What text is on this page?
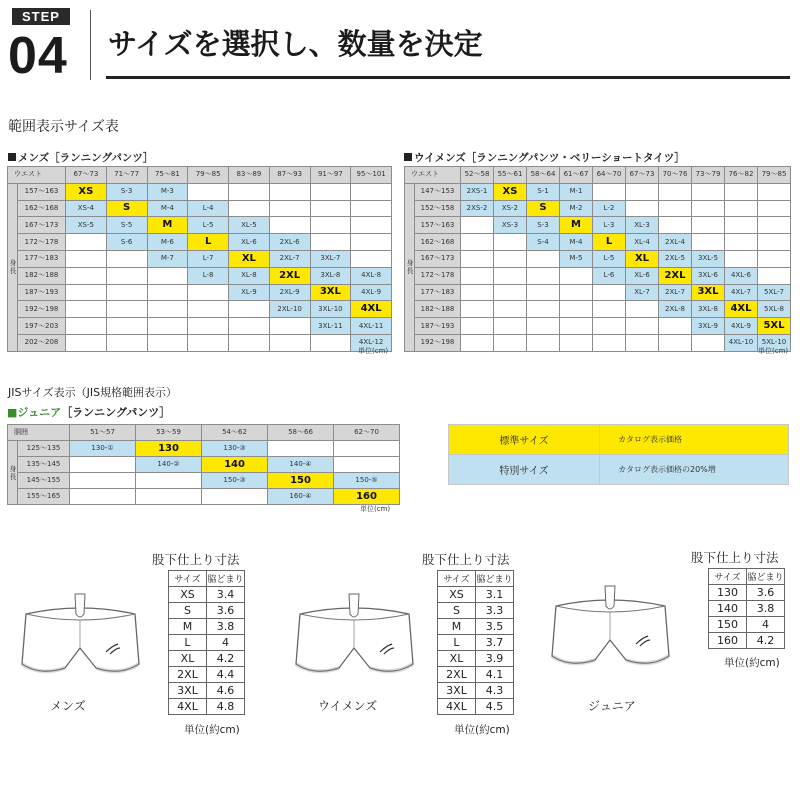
STEP
04 サイズを選択し、数量を決定
範囲表示サイズ表
メンズ［ランニングパンツ］
ウエスト		67〜73	71〜77	75〜81	79〜85	83〜89	87〜93	91〜97	95〜101
身長	157〜163	XS	S-3	M-3					
	162〜168	XS-4	S	M-4	L-4				
	167〜173	XS-5	S-5	M	L-5	XL-5			
	172〜178		S-6	M-6	L	XL-6	2XL-6		
	177〜183			M-7	L-7	XL	2XL-7	3XL-7	
	182〜188				L-8	XL-8	2XL	3XL-8	4XL-8
	187〜193					XL-9	2XL-9	3XL	4XL-9
	192〜198						2XL-10	3XL-10	4XL
	197〜203							3XL-11	4XL-11
	202〜208								4XL-12
単位(cm)
ウイメンズ［ランニングパンツ・ベリーショートタイツ］
ウエスト		52〜58	55〜61	58〜64	61〜67	64〜70	67〜73	70〜76	73〜79	76〜82	79〜85
身長	147〜153	2XS-1	XS	S-1	M-1						
	152〜158	2XS-2	XS-2	S	M-2	L-2					
	157〜163		XS-3	S-3	M	L-3	XL-3				
	162〜168			S-4	M-4	L	XL-4	2XL-4			
	167〜173				M-5	L-5	XL	2XL-5	3XL-5		
	172〜178					L-6	XL-6	2XL	3XL-6	4XL-6	
	177〜183						XL-7	2XL-7	3XL	4XL-7	5XL-7
	182〜188							2XL-8	3XL-8	4XL	5XL-8
	187〜193								3XL-9	4XL-9	5XL
	192〜198									4XL-10	5XL-10
単位(cm)
JISサイズ表示（JIS規格範囲表示）
■ジュニア［ランニングパンツ］
胴囲		51〜57	53〜59	54〜62	58〜66	62〜70
身長	125〜135	130-①	130	130-③		
	135〜145		140-②	140	140-④	
	145〜155			150-③	150	150-⑤
	155〜165				160-④	160
単位(cm)
標準サイズ	カタログ表示価格
特別サイズ	カタログ表示価格の20%増
メンズ	ウイメンズ	ジュニア
股下仕上り寸法
サイズ	脇どまり
XS	3.4
S	3.6
M	3.8
L	4
XL	4.2
2XL	4.4
3XL	4.6
4XL	4.8
単位(約cm)
股下仕上り寸法
サイズ	脇どまり
XS	3.1
S	3.3
M	3.5
L	3.7
XL	3.9
2XL	4.1
3XL	4.3
4XL	4.5
単位(約cm)
股下仕上り寸法
サイズ	脇どまり
130	3.6
140	3.8
150	4
160	4.2
単位(約cm)
